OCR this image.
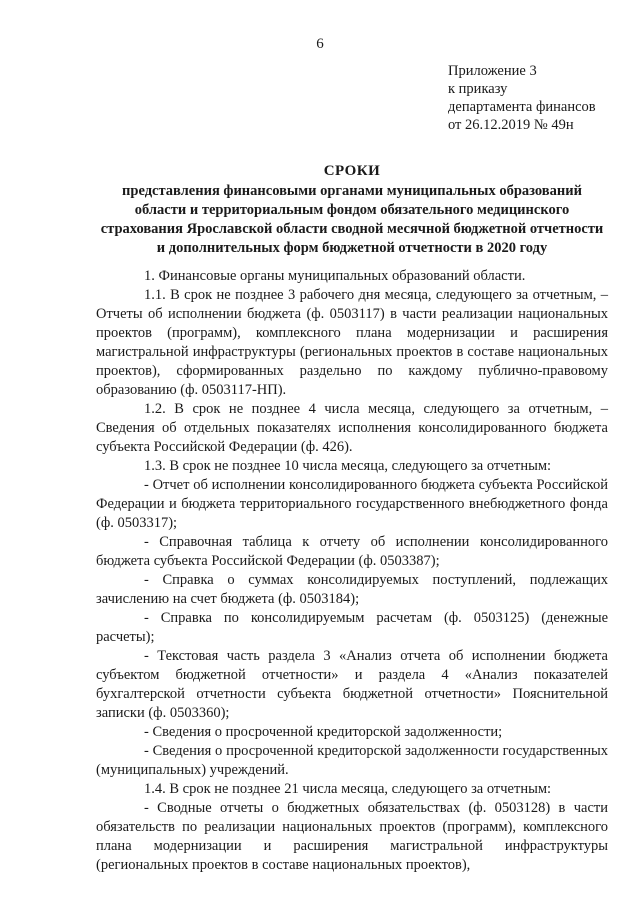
6
Приложение 3
к приказу
департамента финансов
от 26.12.2019 № 49н
СРОКИ
представления финансовыми органами муниципальных образований области и территориальным фондом обязательного медицинского страхования Ярославской области сводной месячной бюджетной отчетности и дополнительных форм бюджетной отчетности в 2020 году

1. Финансовые органы муниципальных образований области.

1.1. В срок не позднее 3 рабочего дня месяца, следующего за отчетным, – Отчеты об исполнении бюджета (ф. 0503117) в части реализации национальных проектов (программ), комплексного плана модернизации и расширения магистральной инфраструктуры (региональных проектов в составе национальных проектов), сформированных раздельно по каждому публично-правовому образованию (ф. 0503117-НП).

1.2. В срок не позднее 4 числа месяца, следующего за отчетным, – Сведения об отдельных показателях исполнения консолидированного бюджета субъекта Российской Федерации (ф. 426).

1.3. В срок не позднее 10 числа месяца, следующего за отчетным:

- Отчет об исполнении консолидированного бюджета субъекта Российской Федерации и бюджета территориального государственного внебюджетного фонда (ф. 0503317);

- Справочная таблица к отчету об исполнении консолидированного бюджета субъекта Российской Федерации (ф. 0503387);

- Справка о суммах консолидируемых поступлений, подлежащих зачислению на счет бюджета (ф. 0503184);

- Справка по консолидируемым расчетам (ф. 0503125) (денежные расчеты);

- Текстовая часть раздела 3 «Анализ отчета об исполнении бюджета субъектом бюджетной отчетности» и раздела 4 «Анализ показателей бухгалтерской отчетности субъекта бюджетной отчетности» Пояснительной записки (ф. 0503360);

- Сведения о просроченной кредиторской задолженности;

- Сведения о просроченной кредиторской задолженности государственных (муниципальных) учреждений.

1.4. В срок не позднее 21 числа месяца, следующего за отчетным:

- Сводные отчеты о бюджетных обязательствах (ф. 0503128) в части обязательств по реализации национальных проектов (программ), комплексного плана модернизации и расширения магистральной инфраструктуры (региональных проектов в составе национальных проектов),
